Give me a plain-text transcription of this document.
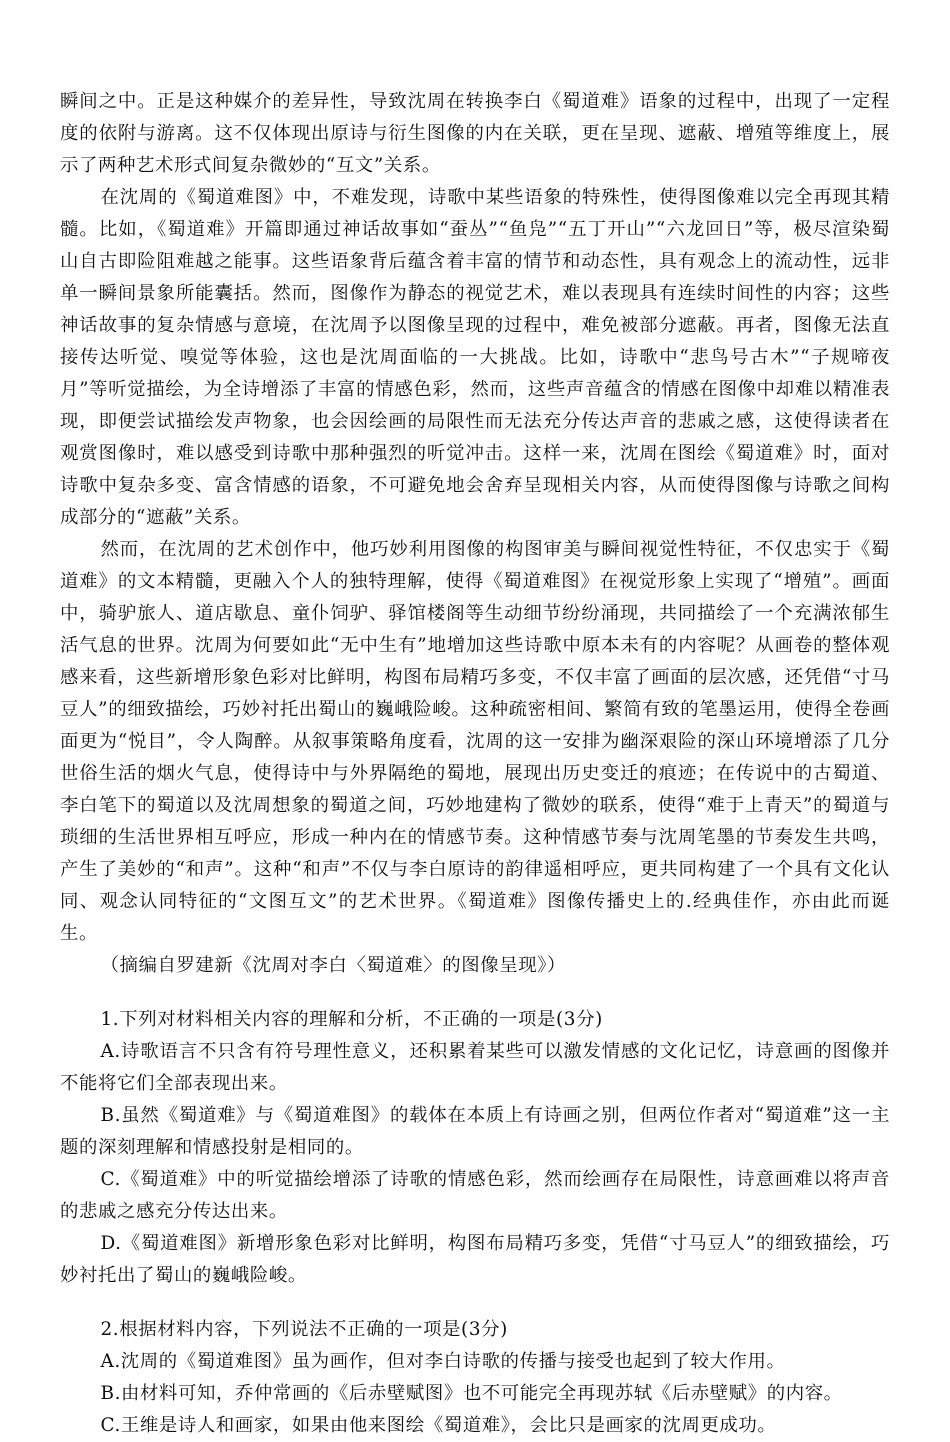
瞬间之中。正是这种媒介的差异性，导致沈周在转换李白《蜀道难》语象的过程中，出现了一定程度的依附与游离。这不仅体现出原诗与衍生图像的内在关联，更在呈现、遮蔽、增殖等维度上，展示了两种艺术形式间复杂微妙的“互文”关系。

在沈周的《蜀道难图》中，不难发现，诗歌中某些语象的特殊性，使得图像难以完全再现其精髓。比如，《蜀道难》开篇即通过神话故事如“蚕丛”“鱼凫”“五丁开山”“六龙回日”等，极尽渲染蜀山自古即险阻难越之能事。这些语象背后蕴含着丰富的情节和动态性，具有观念上的流动性，远非单一瞬间景象所能囊括。然而，图像作为静态的视觉艺术，难以表现具有连续时间性的内容；这些神话故事的复杂情感与意境，在沈周予以图像呈现的过程中，难免被部分遮蔽。再者，图像无法直接传达听觉、嗅觉等体验，这也是沈周面临的一大挑战。比如，诗歌中“悲鸟号古木”“子规啼夜月”等听觉描绘，为全诗增添了丰富的情感色彩，然而，这些声音蕴含的情感在图像中却难以精准表现，即便尝试描绘发声物象，也会因绘画的局限性而无法充分传达声音的悲戚之感，这使得读者在观赏图像时，难以感受到诗歌中那种强烈的听觉冲击。这样一来，沈周在图绘《蜀道难》时，面对诗歌中复杂多变、富含情感的语象，不可避免地会舍弃呈现相关内容，从而使得图像与诗歌之间构成部分的“遮蔽”关系。

然而，在沈周的艺术创作中，他巧妙利用图像的构图审美与瞬间视觉性特征，不仅忠实于《蜀道难》的文本精髓，更融入个人的独特理解，使得《蜀道难图》在视觉形象上实现了“增殖”。画面中，骑驴旅人、道店歇息、童仆饲驴、驿馆楼阁等生动细节纷纷涌现，共同描绘了一个充满浓郁生活气息的世界。沈周为何要如此“无中生有”地增加这些诗歌中原本未有的内容呢？从画卷的整体观感来看，这些新增形象色彩对比鲜明，构图布局精巧多变，不仅丰富了画面的层次感，还凭借“寸马豆人”的细致描绘，巧妙衬托出蜀山的巍峨险峻。这种疏密相间、繁简有致的笔墨运用，使得全卷画面更为“悦目”，令人陶醉。从叙事策略角度看，沈周的这一安排为幽深艰险的深山环境增添了几分世俗生活的烟火气息，使得诗中与外界隔绝的蜀地，展现出历史变迁的痕迹；在传说中的古蜀道、李白笔下的蜀道以及沈周想象的蜀道之间，巧妙地建构了微妙的联系，使得“难于上青天”的蜀道与琐细的生活世界相互呼应，形成一种内在的情感节奏。这种情感节奏与沈周笔墨的节奏发生共鸣，产生了美妙的“和声”。这种“和声”不仅与李白原诗的韵律遥相呼应，更共同构建了一个具有文化认同、观念认同特征的“文图互文”的艺术世界。《蜀道难》图像传播史上的.经典佳作，亦由此而诞生。

（摘编自罗建新《沈周对李白〈蜀道难〉的图像呈现》）

1.下列对材料相关内容的理解和分析，不正确的一项是(3分)

A.诗歌语言不只含有符号理性意义，还积累着某些可以激发情感的文化记忆，诗意画的图像并不能将它们全部表现出来。

B.虽然《蜀道难》与《蜀道难图》的载体在本质上有诗画之别，但两位作者对“蜀道难”这一主题的深刻理解和情感投射是相同的。

C.《蜀道难》中的听觉描绘增添了诗歌的情感色彩，然而绘画存在局限性，诗意画难以将声音的悲戚之感充分传达出来。

D.《蜀道难图》新增形象色彩对比鲜明，构图布局精巧多变，凭借“寸马豆人”的细致描绘，巧妙衬托出了蜀山的巍峨险峻。

2.根据材料内容，下列说法不正确的一项是(3分)

A.沈周的《蜀道难图》虽为画作，但对李白诗歌的传播与接受也起到了较大作用。

B.由材料可知，乔仲常画的《后赤壁赋图》也不可能完全再现苏轼《后赤壁赋》的内容。

C.王维是诗人和画家，如果由他来图绘《蜀道难》，会比只是画家的沈周更成功。
